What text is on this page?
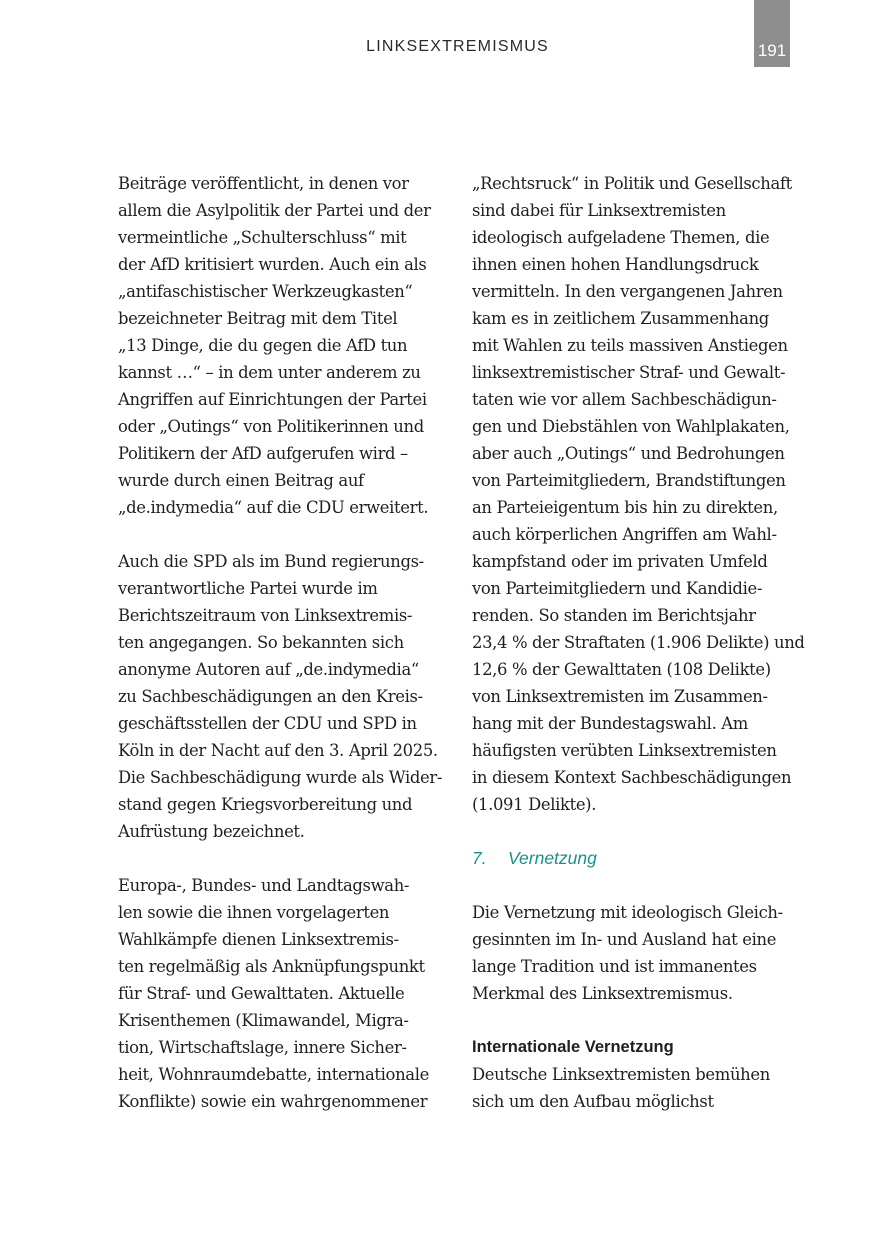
LINKSEXTREMISMUS	191
Beiträge veröffentlicht, in denen vor
allem die Asylpolitik der Partei und der
vermeintliche „Schulterschluss“ mit
der AfD kritisiert wurden. Auch ein als
„antifaschistischer Werkzeugkasten“
bezeichneter Beitrag mit dem Titel
„13 Dinge, die du gegen die AfD tun
kannst …“ – in dem unter anderem zu
Angriffen auf Einrichtungen der Partei
oder „Outings“ von Politikerinnen und
Politikern der AfD aufgerufen wird –
wurde durch einen Beitrag auf
„de.indymedia“ auf die CDU erweitert.
Auch die SPD als im Bund regierungs-
verantwortliche Partei wurde im
Berichtszeitraum von Linksextremis-
ten angegangen. So bekannten sich
anonyme Autoren auf „de.indymedia“
zu Sachbeschädigungen an den Kreis-
geschäftsstellen der CDU und SPD in
Köln in der Nacht auf den 3. April 2025.
Die Sachbeschädigung wurde als Wider-
stand gegen Kriegsvorbereitung und
Aufrüstung bezeichnet.
Europa-, Bundes- und Landtagswah-
len sowie die ihnen vorgelagerten
Wahlkämpfe dienen Linksextremis-
ten regelmäßig als Anknüpfungspunkt
für Straf- und Gewalttaten. Aktuelle
Krisenthemen (Klimawandel, Migra-
tion, Wirtschaftslage, innere Sicher-
heit, Wohnraumdebatte, internationale
Konflikte) sowie ein wahrgenommener
„Rechtsruck“ in Politik und Gesellschaft
sind dabei für Linksextremisten
ideologisch aufgeladene Themen, die
ihnen einen hohen Handlungsdruck
vermitteln. In den vergangenen Jahren
kam es in zeitlichem Zusammenhang
mit Wahlen zu teils massiven Anstiegen
linksextremistischer Straf- und Gewalt-
taten wie vor allem Sachbeschädigun-
gen und Diebstählen von Wahlplakaten,
aber auch „Outings“ und Bedrohungen
von Parteimitgliedern, Brandstiftungen
an Parteieigentum bis hin zu direkten,
auch körperlichen Angriffen am Wahl-
kampfstand oder im privaten Umfeld
von Parteimitgliedern und Kandidie-
renden. So standen im Berichtsjahr
23,4 % der Straftaten (1.906 Delikte) und
12,6 % der Gewalttaten (108 Delikte)
von Linksextremisten im Zusammen-
hang mit der Bundestagswahl. Am
häufigsten verübten Linksextremisten
in diesem Kontext Sachbeschädigungen
(1.091 Delikte).
7. Vernetzung
Die Vernetzung mit ideologisch Gleich-
gesinnten im In- und Ausland hat eine
lange Tradition und ist immanentes
Merkmal des Linksextremismus.
Internationale Vernetzung
Deutsche Linksextremisten bemühen
sich um den Aufbau möglichst
